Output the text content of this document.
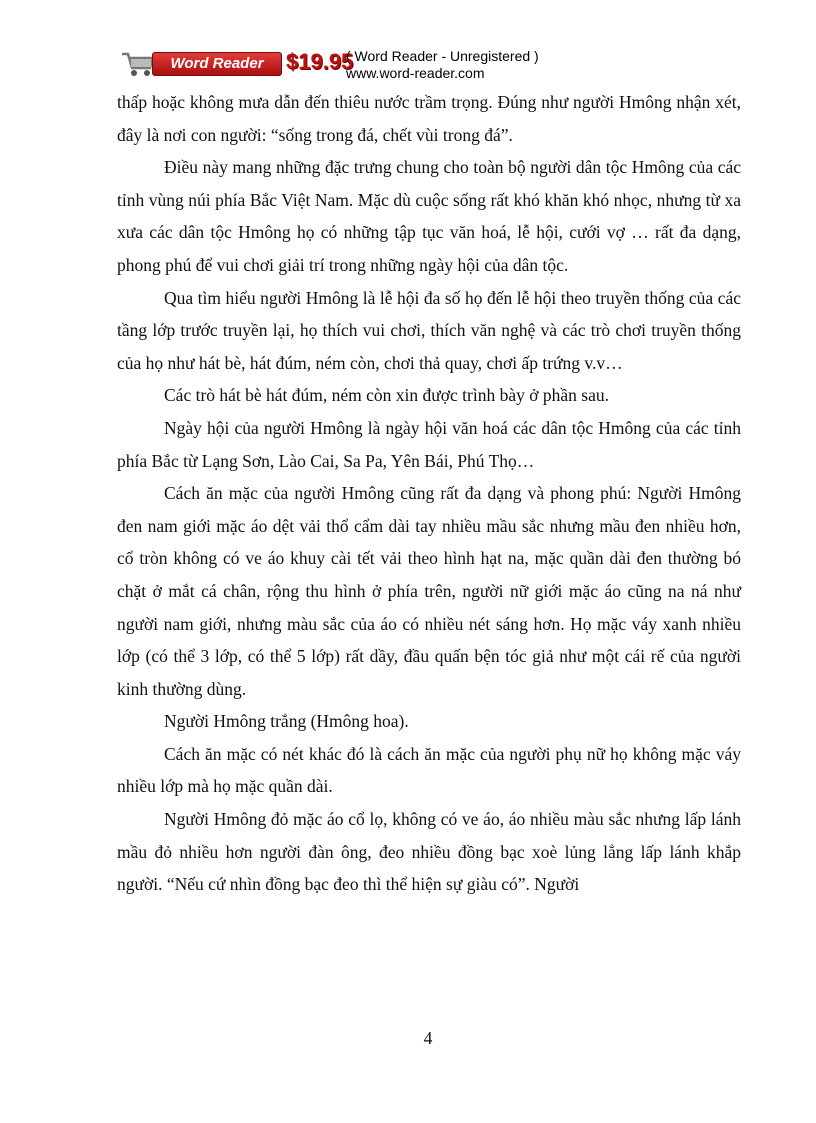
Word Reader	$19.95
( Word Reader - Unregistered )
www.word-reader.com

thấp hoặc không mưa dẫn đến thiêu nước trầm trọng. Đúng như người Hmông nhận xét, đây là nơi con người: “sống trong đá, chết vùi trong đá”.

Điều này mang những đặc trưng chung cho toàn bộ người dân tộc Hmông của các tỉnh vùng núi phía Bắc Việt Nam. Mặc dù cuộc sống rất khó khăn khó nhọc, nhưng từ xa xưa các dân tộc Hmông họ có những tập tục văn hoá, lễ hội, cưới vợ … rất đa dạng, phong phú để vui chơi giải trí trong những ngày hội của dân tộc.

Qua tìm hiểu người Hmông là lễ hội đa số họ đến lễ hội theo truyền thống của các tầng lớp trước truyền lại, họ thích vui chơi, thích văn nghệ và các trò chơi truyền thống của họ như hát bè, hát đúm, ném còn, chơi thả quay, chơi ấp trứng v.v…

Các trò hát bè hát đúm, ném còn xin được trình bày ở phần sau.

Ngày hội của người Hmông là ngày hội văn hoá các dân tộc Hmông của các tỉnh phía Bắc từ Lạng Sơn, Lào Cai, Sa Pa, Yên Bái, Phú Thọ…

Cách ăn mặc của người Hmông cũng rất đa dạng và phong phú: Người Hmông đen nam giới mặc áo dệt vải thổ cẩm dài tay nhiều mầu sắc nhưng mầu đen nhiều hơn, cổ tròn không có ve áo khuy cài tết vải theo hình hạt na, mặc quần dài đen thường bó chặt ở mắt cá chân, rộng thu hình ở phía trên, người nữ giới mặc áo cũng na ná như người nam giới, nhưng màu sắc của áo có nhiều nét sáng hơn. Họ mặc váy xanh nhiều lớp (có thể 3 lớp, có thể 5 lớp) rất dầy, đầu quấn bện tóc giả như một cái rế của người kinh thường dùng.

Người Hmông trắng (Hmông hoa).

Cách ăn mặc có nét khác đó là cách ăn mặc của người phụ nữ họ không mặc váy nhiều lớp mà họ mặc quần dài.

Người Hmông đỏ mặc áo cổ lọ, không có ve áo, áo nhiều màu sắc nhưng lấp lánh mầu đỏ nhiều hơn người đàn ông, đeo nhiều đồng bạc xoè lủng lẳng lấp lánh khắp người. “Nếu cứ nhìn đồng bạc đeo thì thể hiện sự giàu có”. Người

4
